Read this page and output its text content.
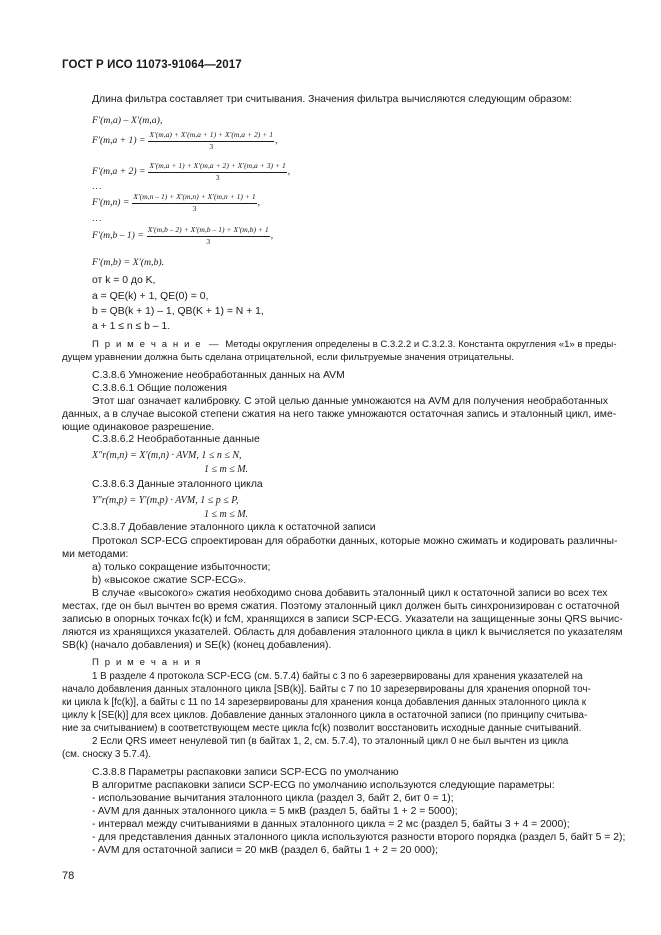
ГОСТ Р ИСО 11073-91064—2017
Длина фильтра составляет три считывания. Значения фильтра вычисляются следующим образом:
F′(m,a) – X′(m,a),
$F'(m,a + 1) = \frac{X'(m,a) + X'(m,a + 1) + X'(m,a + 2) + 1}{3}$ ,
$F'(m,a + 2) = \frac{X'(m,a + 1) + X'(m,a + 2) + X'(m,a + 3) + 1}{3}$ ,
...
$F'(m,n) = \frac{X'(m,n - 1) + X'(m,n) + X'(m,n + 1) + 1}{3}$ ,
...
$F'(m,b - 1) = \frac{X'(m,b - 2) + X'(m,b - 1) + X'(m,b) + 1}{3}$ ,
F′(m,b) = X′(m,b).
от k = 0 до K,
a = QE(k) + 1, QE(0) = 0,
b = QB(k + 1) – 1, QB(K + 1) = N + 1,
a + 1 ≤ n ≤ b – 1.
П р и м е ч а н и е — Методы округления определены в С.3.2.2 и С.3.2.3. Константа округления «1» в преды-
дущем уравнении должна быть сделана отрицательной, если фильтруемые значения отрицательны.
С.3.8.6 Умножение необработанных данных на AVM
С.3.8.6.1 Общие положения
Этот шаг означает калибровку. С этой целью данные умножаются на AVM для получения необработанных
данных, а в случае высокой степени сжатия на него также умножаются остаточная запись и эталонный цикл, име-
ющие одинаковое разрешение.
С.3.8.6.2 Необработанные данные
X″r(m,n) = X′(m,n) · AVM, 1 ≤ n ≤ N,
1 ≤ m ≤ M.
С.3.8.6.3 Данные эталонного цикла
Y″r(m,p) = Y′(m,p) · AVM, 1 ≤ p ≤ P,
1 ≤ m ≤ M.
С.3.8.7 Добавление эталонного цикла к остаточной записи
Протокол SCP-ECG спроектирован для обработки данных, которые можно сжимать и кодировать различны-
ми методами:
а) только сокращение избыточности;
b) «высокое сжатие SCP-ECG».
В случае «высокого» сжатия необходимо снова добавить эталонный цикл к остаточной записи во всех тех
местах, где он был вычтен во время сжатия. Поэтому эталонный цикл должен быть синхронизирован с остаточной
записью в опорных точках fc(k) и fcM, хранящихся в записи SCP-ECG. Указатели на защищенные зоны QRS вычис-
ляются из хранящихся указателей. Область для добавления эталонного цикла в цикл k вычисляется по указателям
SB(k) (начало добавления) и SE(k) (конец добавления).
П р и м е ч а н и я
1 В разделе 4 протокола SCP-ECG (см. 5.7.4) байты с 3 по 6 зарезервированы для хранения указателей на
начало добавления данных эталонного цикла [SB(k)]. Байты с 7 по 10 зарезервированы для хранения опорной точ-
ки цикла k [fc(k)], а байты с 11 по 14 зарезервированы для хранения конца добавления данных эталонного цикла к
циклу k [SE(k)] для всех циклов. Добавление данных эталонного цикла в остаточной записи (по принципу считыва-
ние за считыванием) в соответствующем месте цикла fc(k) позволит восстановить исходные данные считываний.
2 Если QRS имеет ненулевой тип (в байтах 1, 2, см. 5.7.4), то эталонный цикл 0 не был вычтен из цикла
(см. сноску 3 5.7.4).
С.3.8.8 Параметры распаковки записи SCP-ECG по умолчанию
В алгоритме распаковки записи SCP-ECG по умолчанию используются следующие параметры:
- использование вычитания эталонного цикла (раздел 3, байт 2, бит 0 = 1);
- AVM для данных эталонного цикла = 5 мкВ (раздел 5, байты 1 + 2 = 5000);
- интервал между считываниями в данных эталонного цикла = 2 мс (раздел 5, байты 3 + 4 = 2000);
- для представления данных эталонного цикла используются разности второго порядка (раздел 5, байт 5 = 2);
- AVM для остаточной записи = 20 мкВ (раздел 6, байты 1 + 2 = 20 000);
78
